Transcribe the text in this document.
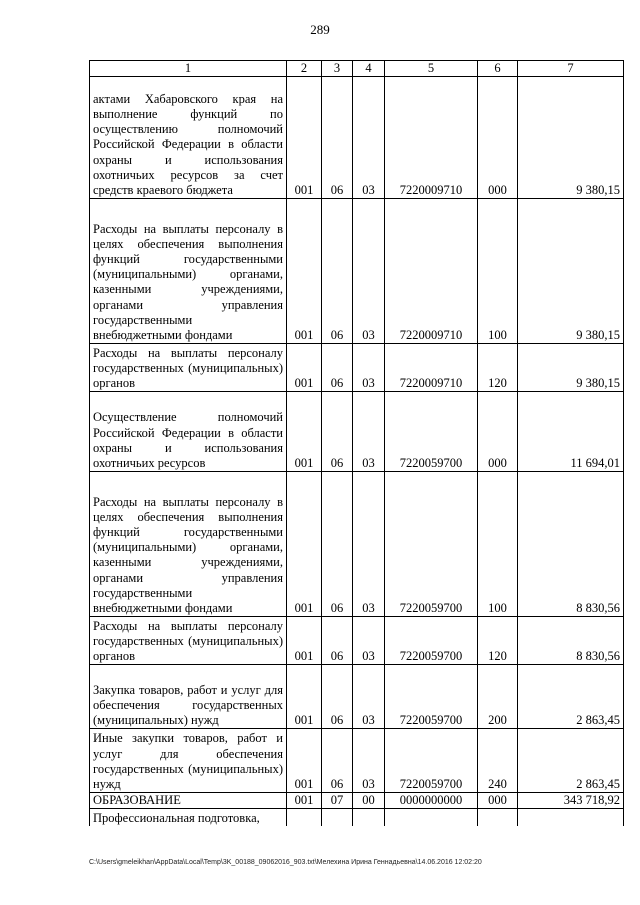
289
1	2	3	4	5	6	7
актами Хабаровского края на выполнение функций по осуществлению полномочий Российской Федерации в области охраны и использования охотничьих ресурсов за счет средств краевого бюджета	001	06	03	7220009710	000	9 380,15
Расходы на выплаты персоналу в целях обеспечения выполнения функций государственными (муниципальными) органами, казенными учреждениями, органами управления государственными внебюджетными фондами	001	06	03	7220009710	100	9 380,15
Расходы на выплаты персоналу государственных (муниципальных) органов	001	06	03	7220009710	120	9 380,15
Осуществление полномочий Российской Федерации в области охраны и использования охотничьих ресурсов	001	06	03	7220059700	000	11 694,01
Расходы на выплаты персоналу в целях обеспечения выполнения функций государственными (муниципальными) органами, казенными учреждениями, органами управления государственными внебюджетными фондами	001	06	03	7220059700	100	8 830,56
Расходы на выплаты персоналу государственных (муниципальных) органов	001	06	03	7220059700	120	8 830,56
Закупка товаров, работ и услуг для обеспечения государственных (муниципальных) нужд	001	06	03	7220059700	200	2 863,45
Иные закупки товаров, работ и услуг для обеспечения государственных (муниципальных) нужд	001	06	03	7220059700	240	2 863,45
ОБРАЗОВАНИЕ	001	07	00	0000000000	000	343 718,92
Профессиональная подготовка,						
C:\Users\gmeleikhan\AppData\Local\Temp\3K_00188_09062016_903.txt\Мелехина Ирина Геннадьевна\14.06.2016 12:02:20
